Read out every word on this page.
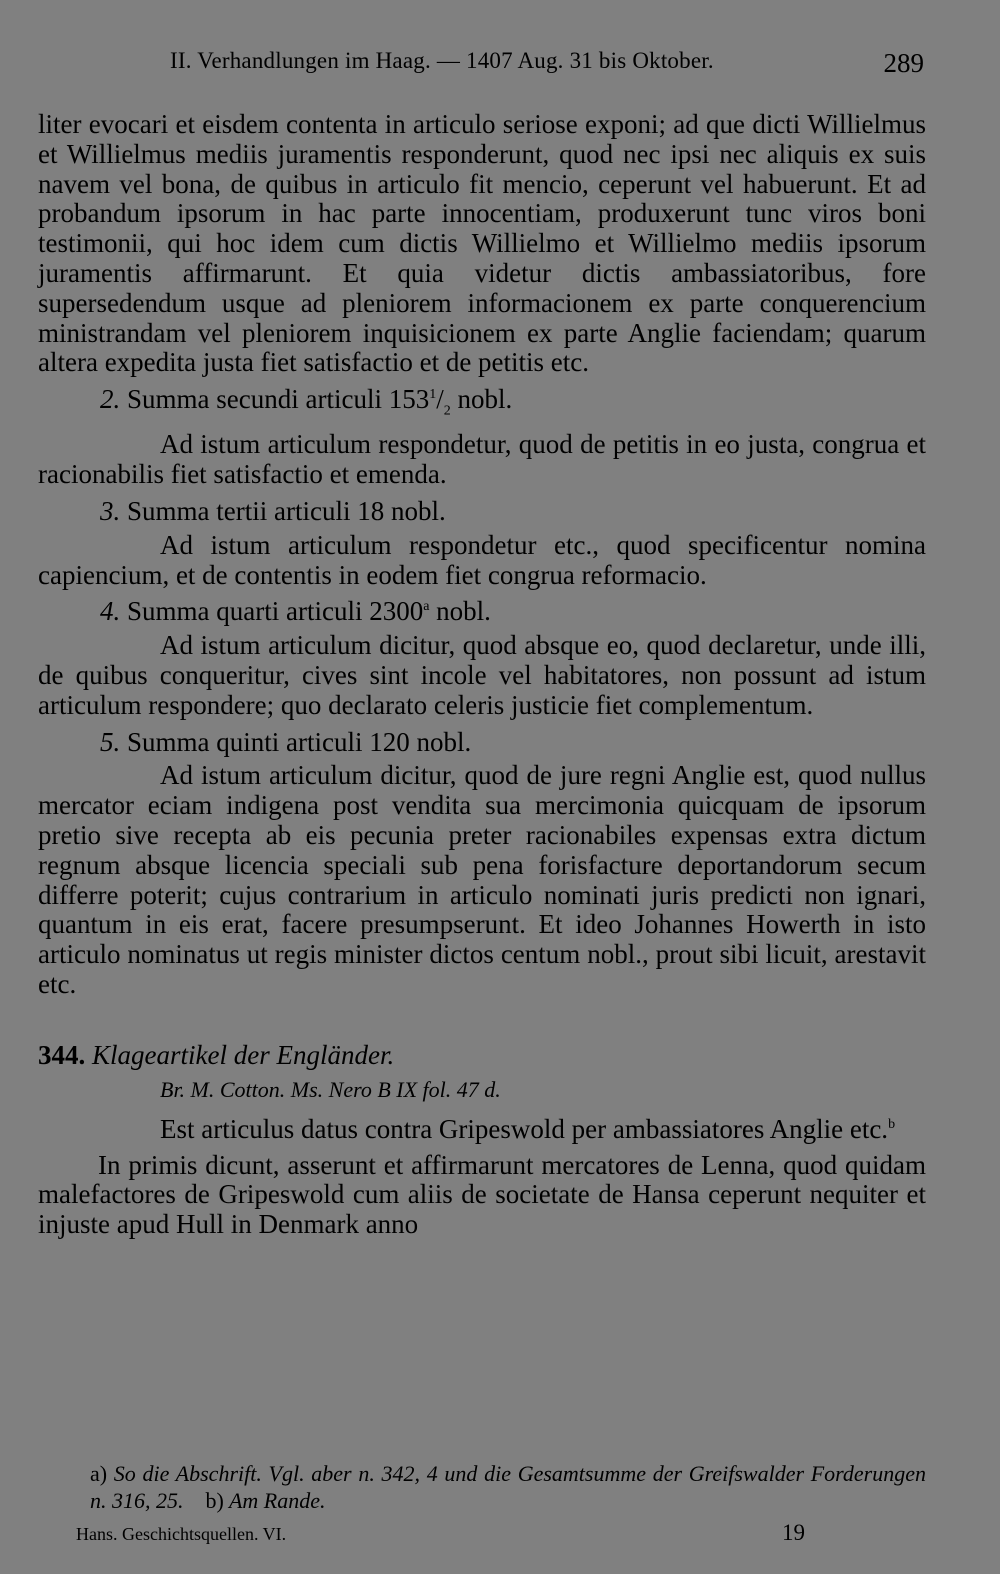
II. Verhandlungen im Haag. — 1407 Aug. 31 bis Oktober.	289

liter evocari et eisdem contenta in articulo seriose exponi; ad que dicti Willielmus et Willielmus mediis juramentis responderunt, quod nec ipsi nec aliquis ex suis navem vel bona, de quibus in articulo fit mencio, ceperunt vel habuerunt. Et ad probandum ipsorum in hac parte innocentiam, produxerunt tunc viros boni testimonii, qui hoc idem cum dictis Willielmo et Willielmo mediis ipsorum juramentis affirmarunt. Et quia videtur dictis ambassiatoribus, fore supersedendum usque ad pleniorem informacionem ex parte conquerencium ministrandam vel pleniorem inquisicionem ex parte Anglie faciendam; quarum altera expedita justa fiet satisfactio et de petitis etc.

2. Summa secundi articuli $153^1/_2$ nobl.

Ad istum articulum respondetur, quod de petitis in eo justa, congrua et racionabilis fiet satisfactio et emenda.

3. Summa tertii articuli 18 nobl.

Ad istum articulum respondetur etc., quod specificentur nomina capiencium, et de contentis in eodem fiet congrua reformacio.

4. Summa quarti articuli 2300$^a$ nobl.

Ad istum articulum dicitur, quod absque eo, quod declaretur, unde illi, de quibus conqueritur, cives sint incole vel habitatores, non possunt ad istum articulum respondere; quo declarato celeris justicie fiet complementum.

5. Summa quinti articuli 120 nobl.

Ad istum articulum dicitur, quod de jure regni Anglie est, quod nullus mercator eciam indigena post vendita sua mercimonia quicquam de ipsorum pretio sive recepta ab eis pecunia preter racionabiles expensas extra dictum regnum absque licencia speciali sub pena forisfacture deportandorum secum differre poterit; cujus contrarium in articulo nominati juris predicti non ignari, quantum in eis erat, facere presumpserunt. Et ideo Johannes Howerth in isto articulo nominatus ut regis minister dictos centum nobl., prout sibi licuit, arestavit etc.

344. Klageartikel der Engländer.
Br. M. Cotton. Ms. Nero B IX fol. 47 d.

Est articulus datus contra Gripeswold per ambassiatores Anglie etc.$^b$

In primis dicunt, asserunt et affirmarunt mercatores de Lenna, quod quidam malefactores de Gripeswold cum aliis de societate de Hansa ceperunt nequiter et injuste apud Hull in Denmark anno

a) So die Abschrift. Vgl. aber n. 342, 4 und die Gesamtsumme der Greifswalder Forderungen n. 316, 25. b) Am Rande.
Hans. Geschichtsquellen. VI.	19
